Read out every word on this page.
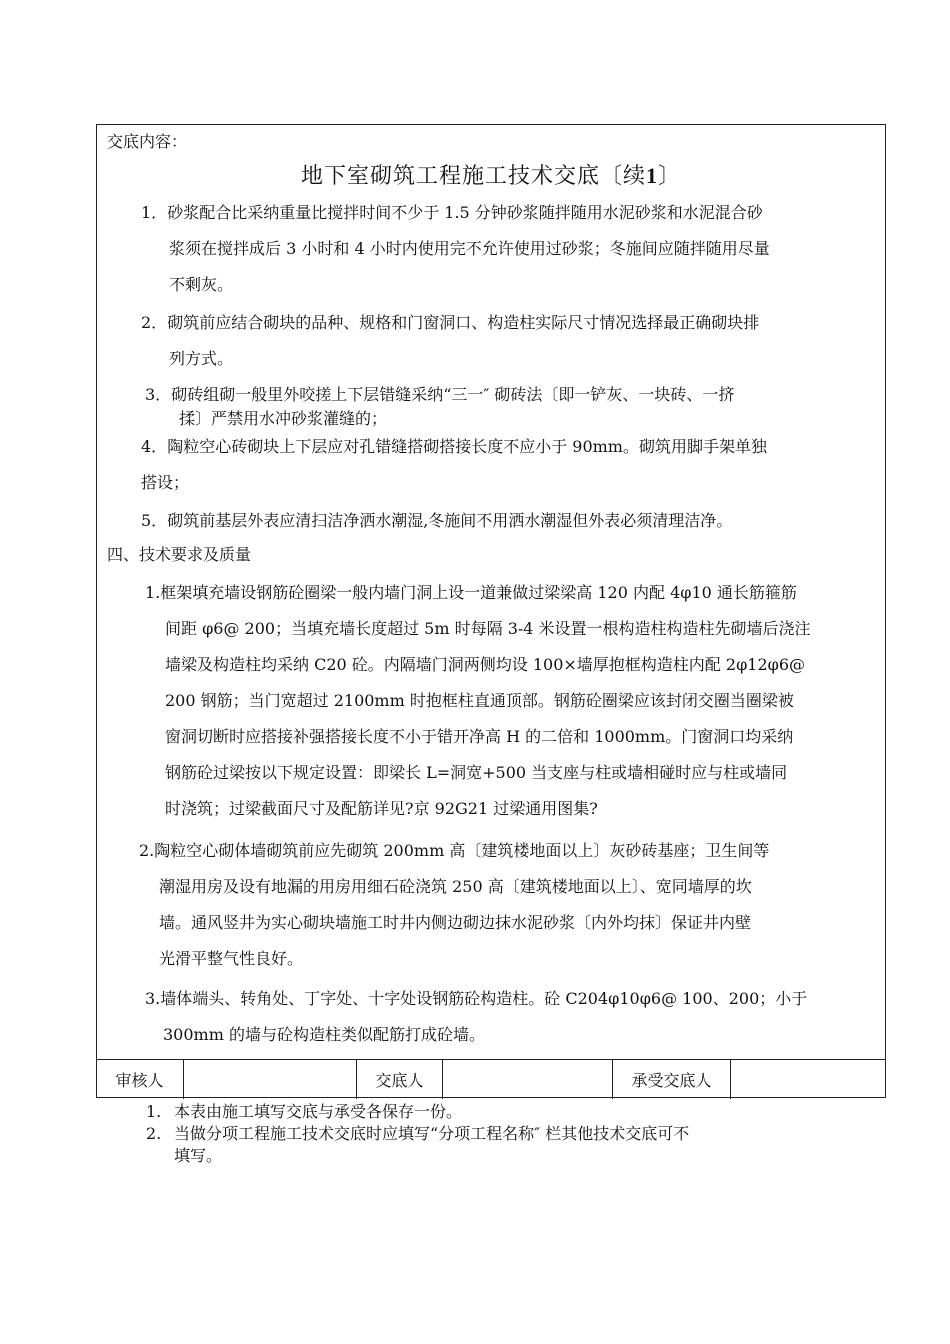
交底内容：
地下室砌筑工程施工技术交底〔续1〕
1．砂浆配合比采纳重量比搅拌时间不少于 1.5 分钟砂浆随拌随用水泥砂浆和水泥混合砂
浆须在搅拌成后 3 小时和 4 小时内使用完不允许使用过砂浆；冬施间应随拌随用尽量
不剩灰。
2．砌筑前应结合砌块的品种、规格和门窗洞口、构造柱实际尺寸情况选择最正确砌块排
列方式。
3．砌砖组砌一般里外咬搓上下层错缝采纳“三一″ 砌砖法〔即一铲灰、一块砖、一挤
揉〕严禁用水冲砂浆灌缝的；
4．陶粒空心砖砌块上下层应对孔错缝搭砌搭接长度不应小于 90mm。砌筑用脚手架单独
搭设；
5．砌筑前基层外表应清扫洁净洒水潮湿,冬施间不用洒水潮湿但外表必须清理洁净。
四、技术要求及质量
1.框架填充墙设钢筋砼圈梁一般内墙门洞上设一道兼做过梁梁高 120 内配 4φ10 通长筋箍筋
间距 φ6@ 200；当填充墙长度超过 5m 时每隔 3-4 米设置一根构造柱构造柱先砌墙后浇注
墙梁及构造柱均采纳 C20 砼。内隔墙门洞两侧均设 100×墙厚抱框构造柱内配 2φ12φ6@
200 钢筋；当门宽超过 2100mm 时抱框柱直通顶部。钢筋砼圈梁应该封闭交圈当圈梁被
窗洞切断时应搭接补强搭接长度不小于错开净高 H 的二倍和 1000mm。门窗洞口均采纳
钢筋砼过梁按以下规定设置：即梁长 L=洞宽+500 当支座与柱或墙相碰时应与柱或墙同
时浇筑；过梁截面尺寸及配筋详见?京 92G21 过梁通用图集?
2.陶粒空心砌体墙砌筑前应先砌筑 200mm 高〔建筑楼地面以上〕灰砂砖基座；卫生间等
潮湿用房及设有地漏的用房用细石砼浇筑 250 高〔建筑楼地面以上〕、宽同墙厚的坎
墙。通风竖井为实心砌块墙施工时井内侧边砌边抹水泥砂浆〔内外均抹〕保证井内壁
光滑平整气性良好。
3.墙体端头、转角处、丁字处、十字处设钢筋砼构造柱。砼 C204φ10φ6@ 100、200；小于
300mm 的墙与砼构造柱类似配筋打成砼墙。
审核人	交底人	承受交底人
1. 本表由施工填写交底与承受各保存一份。
2. 当做分项工程施工技术交底时应填写“分项工程名称″ 栏其他技术交底可不
填写。
